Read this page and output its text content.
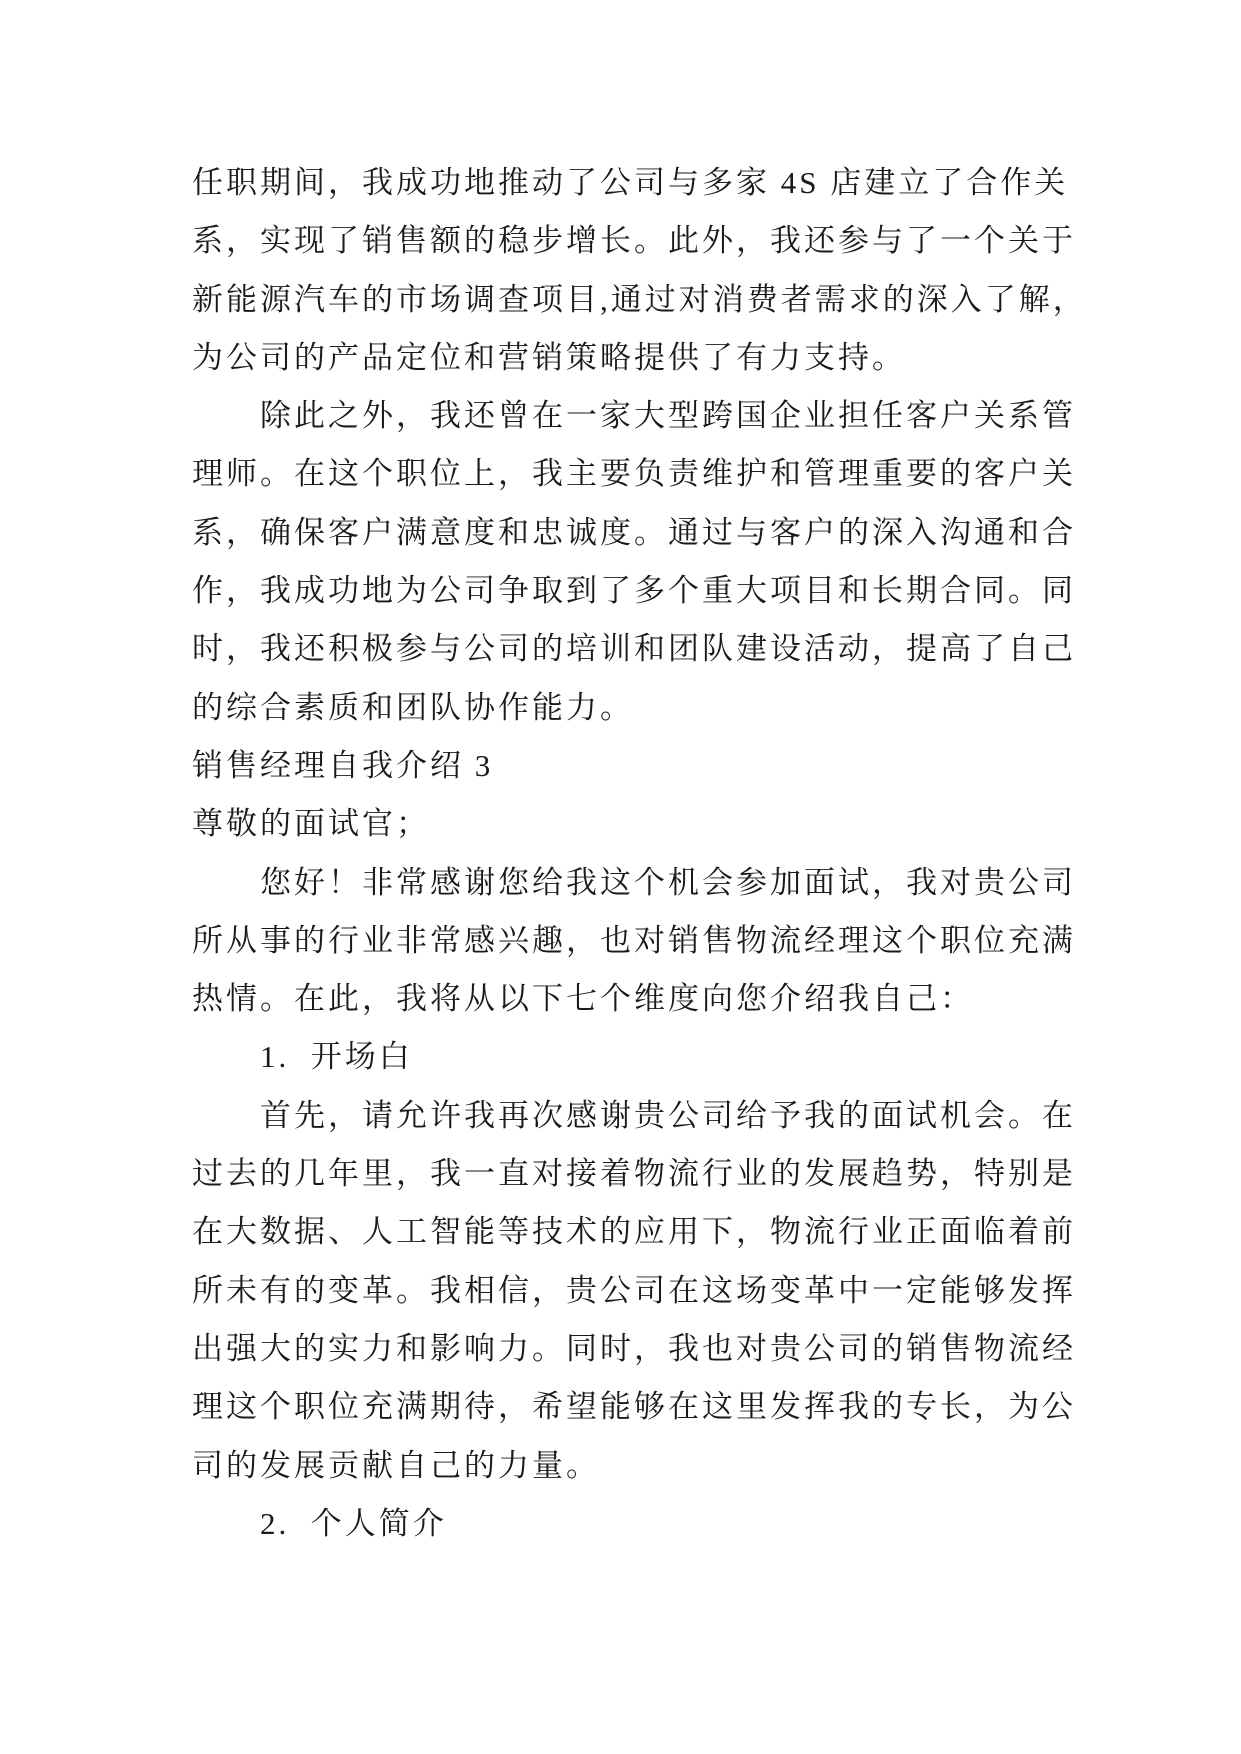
任职期间，我成功地推动了公司与多家 4S 店建立了合作关
系，实现了销售额的稳步增长。此外，我还参与了一个关于
新能源汽车的市场调查项目,通过对消费者需求的深入了解，
为公司的产品定位和营销策略提供了有力支持。
除此之外，我还曾在一家大型跨国企业担任客户关系管
理师。在这个职位上，我主要负责维护和管理重要的客户关
系，确保客户满意度和忠诚度。通过与客户的深入沟通和合
作，我成功地为公司争取到了多个重大项目和长期合同。同
时，我还积极参与公司的培训和团队建设活动，提高了自己
的综合素质和团队协作能力。
销售经理自我介绍 3
尊敬的面试官；
您好！非常感谢您给我这个机会参加面试，我对贵公司
所从事的行业非常感兴趣，也对销售物流经理这个职位充满
热情。在此，我将从以下七个维度向您介绍我自己：
1.  开场白
首先，请允许我再次感谢贵公司给予我的面试机会。在
过去的几年里，我一直对接着物流行业的发展趋势，特别是
在大数据、人工智能等技术的应用下，物流行业正面临着前
所未有的变革。我相信，贵公司在这场变革中一定能够发挥
出强大的实力和影响力。同时，我也对贵公司的销售物流经
理这个职位充满期待，希望能够在这里发挥我的专长，为公
司的发展贡献自己的力量。
2.  个人简介
